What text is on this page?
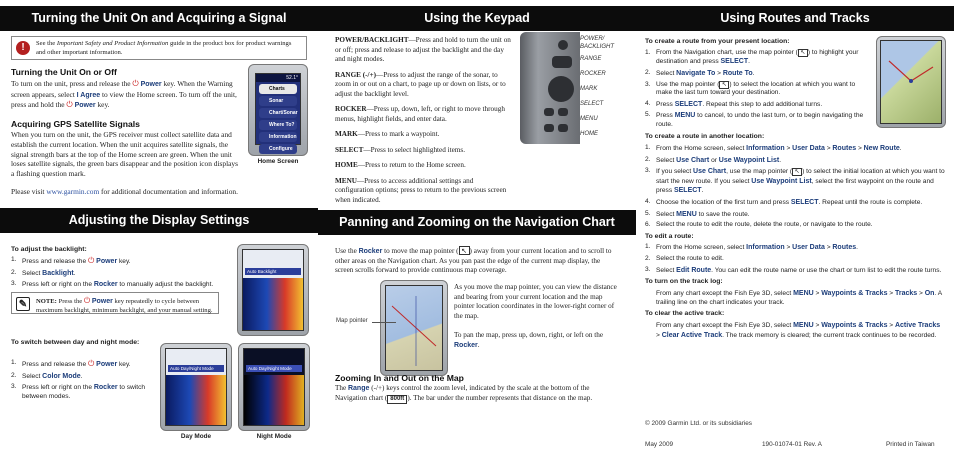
Turning the Unit On and Acquiring a Signal
!	See the Important Safety and Product Information guide in the product box for product warnings and other important information.
Turning the Unit On or Off
To turn on the unit, press and release the ⏻ Power key. When the Warning screen appears, select I Agree to view the Home screen. To turn off the unit, press and hold the ⏻ Power key.
Acquiring GPS Satellite Signals
When you turn on the unit, the GPS receiver must collect satellite data and establish the current location. When the unit acquires satellite signals, the signal strength bars at the top of the Home screen are green. When the unit loses satellite signals, the green bars disappear and the position icon displays a flashing question mark.
Please visit www.garmin.com for additional documentation and information.
52.1°
Charts
Sonar
Chart/Sonar
Where To?
Information
Configure
Home Screen
Adjusting the Display Settings
To adjust the backlight:
1. Press and release the ⏻ Power key.
2. Select Backlight.
3. Press left or right on the Rocker to manually adjust the backlight.
✎	NOTE: Press the ⏻ Power key repeatedly to cycle between maximum backlight, minimum backlight, and your manual setting.
To switch between day and night mode:
1. Press and release the ⏻ Power key.
2. Select Color Mode.
3. Press left or right on the Rocker to switch between modes.
Auto Backlight
Auto Day/Night Mode	Auto Day/Night Mode
Day Mode	Night Mode
Using the Keypad
POWER/BACKLIGHT—Press and hold to turn the unit on or off; press and release to adjust the backlight and the day and night modes.
RANGE (-/+)—Press to adjust the range of the sonar, to zoom in or out on a chart, to page up or down on lists, or to adjust the backlight level.
ROCKER—Press up, down, left, or right to move through menus, highlight fields, and enter data.
MARK—Press to mark a waypoint.
SELECT—Press to select highlighted items.
HOME—Press to return to the Home screen.
MENU—Press to access additional settings and configuration options; press to return to the previous screen when indicated.
POWER/
BACKLIGHT
RANGE
ROCKER
MARK
SELECT
MENU
HOME
Panning and Zooming on the Navigation Chart
Use the Rocker to move the map pointer ( ↖ ) away from your current location and to scroll to other areas on the Navigation chart. As you pan past the edge of the current map display, the screen scrolls forward to provide continuous map coverage.
Map pointer
As you move the map pointer, you can view the distance and bearing from your current location and the map pointer location coordinates in the lower-right corner of the map.
To pan the map, press up, down, right, or left on the Rocker.
Zooming In and Out on the Map
The Range (-/+) keys control the zoom level, indicated by the scale at the bottom of the Navigation chart ( 800ft ). The bar under the number represents that distance on the map.
Using Routes and Tracks
To create a route from your present location:
1. From the Navigation chart, use the map pointer ( ↖ ) to highlight your destination and press SELECT.
2. Select Navigate To > Route To.
3. Use the map pointer ( ↖ ) to select the location at which you want to make the last turn toward your destination.
4. Press SELECT. Repeat this step to add additional turns.
5. Press MENU to cancel, to undo the last turn, or to begin navigating the route.
To create a route in another location:
1. From the Home screen, select Information > User Data > Routes > New Route.
2. Select Use Chart or Use Waypoint List.
3. If you select Use Chart, use the map pointer ( ↖ ) to select the initial location at which you want to start the new route. If you select Use Waypoint List, select the first waypoint on the route and press SELECT.
4. Choose the location of the first turn and press SELECT. Repeat until the route is complete.
5. Select MENU to save the route.
6. Select the route to edit the route, delete the route, or navigate to the route.
To edit a route:
1. From the Home screen, select Information > User Data > Routes.
2. Select the route to edit.
3. Select Edit Route. You can edit the route name or use the chart or turn list to edit the route turns.
To turn on the track log:
From any chart except the Fish Eye 3D, select MENU > Waypoints & Tracks > Tracks > On. A trailing line on the chart indicates your track.
To clear the active track:
From any chart except the Fish Eye 3D, select MENU > Waypoints & Tracks > Active Tracks > Clear Active Track. The track memory is cleared; the current track continues to be recorded.
© 2009 Garmin Ltd. or its subsidiaries
May 2009	190-01074-01 Rev. A	Printed in Taiwan
